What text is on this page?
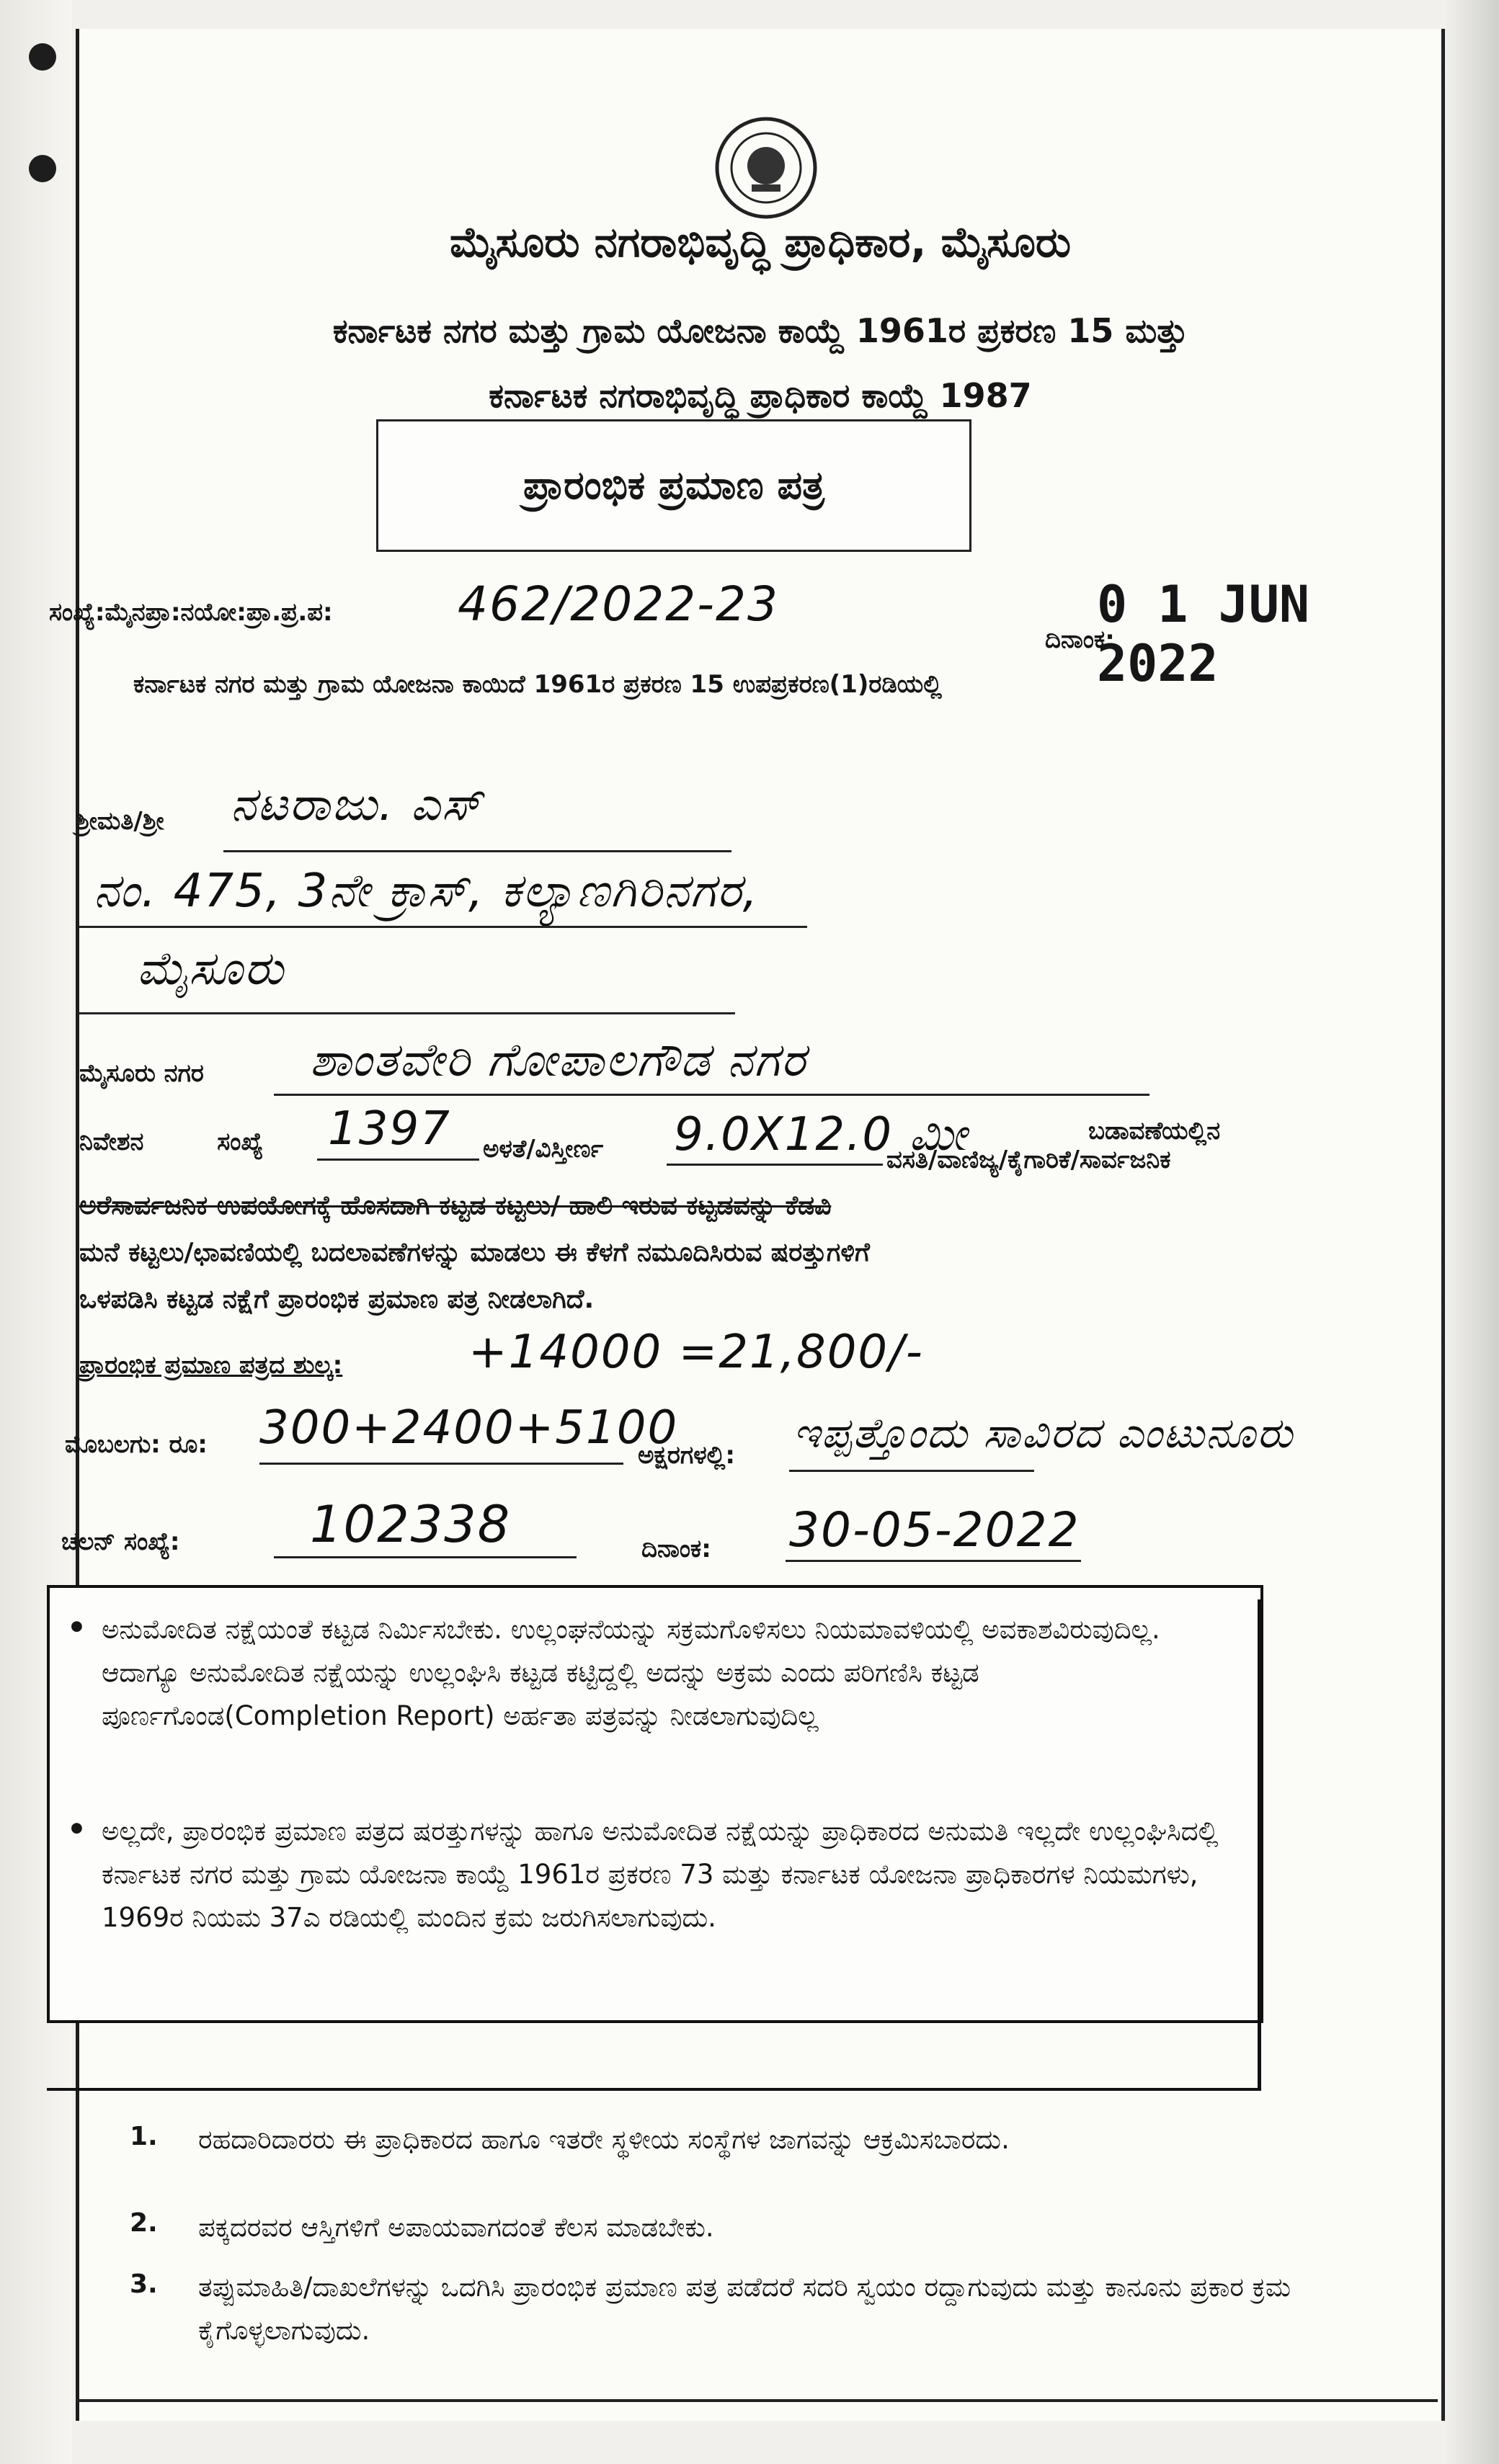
ಮೈಸೂರು ನಗರಾಭಿವೃದ್ಧಿ ಪ್ರಾಧಿಕಾರ, ಮೈಸೂರು
ಕರ್ನಾಟಕ ನಗರ ಮತ್ತು ಗ್ರಾಮ ಯೋಜನಾ ಕಾಯ್ದೆ 1961ರ ಪ್ರಕರಣ 15 ಮತ್ತು
ಕರ್ನಾಟಕ ನಗರಾಭಿವೃದ್ಧಿ ಪ್ರಾಧಿಕಾರ ಕಾಯ್ದೆ 1987
ಪ್ರಾರಂಭಿಕ ಪ್ರಮಾಣ ಪತ್ರ
ಸಂಖ್ಯೆ:ಮೈನಪ್ರಾ:ನಯೋ:ಪ್ರಾ.ಪ್ರ.ಪ:	462/2022-23	0 1 JUN 2022
ದಿನಾಂಕ:
ಕರ್ನಾಟಕ ನಗರ ಮತ್ತು ಗ್ರಾಮ ಯೋಜನಾ ಕಾಯಿದೆ 1961ರ ಪ್ರಕರಣ 15 ಉಪಪ್ರಕರಣ(1)ರಡಿಯಲ್ಲಿ
ಶ್ರೀಮತಿ/ಶ್ರೀ ನಟರಾಜು. ಎಸ್
ನಂ. 475, 3ನೇ ಕ್ರಾಸ್, ಕಲ್ಯಾಣಗಿರಿನಗರ,
ಮೈಸೂರು
ಮೈಸೂರು ನಗರ ಶಾಂತವೇರಿ ಗೋಪಾಲಗೌಡ ನಗರ
ಬಡಾವಣೆಯಲ್ಲಿನ
ನಿವೇಶನ ಸಂಖ್ಯೆ 1397 ಅಳತೆ/ವಿಸ್ತೀರ್ಣ 9.0X12.0 ಮೀ
ವಸತಿ/ವಾಣಿಜ್ಯ/ಕೈಗಾರಿಕೆ/ಸಾರ್ವಜನಿಕ
ಅರೆಸಾರ್ವಜನಿಕ ಉಪಯೋಗಕ್ಕೆ ಹೊಸದಾಗಿ ಕಟ್ಟಡ ಕಟ್ಟಲು/ ಹಾಲಿ ಇರುವ ಕಟ್ಟಡವನ್ನು ಕೆಡವಿ
ಮನೆ ಕಟ್ಟಲು/ಛಾವಣಿಯಲ್ಲಿ ಬದಲಾವಣೆಗಳನ್ನು ಮಾಡಲು ಈ ಕೆಳಗೆ ನಮೂದಿಸಿರುವ ಷರತ್ತುಗಳಿಗೆ
ಒಳಪಡಿಸಿ ಕಟ್ಟಡ ನಕ್ಷೆಗೆ ಪ್ರಾರಂಭಿಕ ಪ್ರಮಾಣ ಪತ್ರ ನೀಡಲಾಗಿದೆ.
ಪ್ರಾರಂಭಿಕ ಪ್ರಮಾಣ ಪತ್ರದ ಶುಲ್ಕ:	+14000 =21,800/-
ಮೊಬಲಗು: ರೂ: 300+2400+5100
ಅಕ್ಷರಗಳಲ್ಲಿ: ಇಪ್ಪತ್ತೊಂದು ಸಾವಿರದ ಎಂಟುನೂರು
ಚಲನ್ ಸಂಖ್ಯೆ:	102338	ದಿನಾಂಕ: 30-05-2022
• ಅನುಮೋದಿತ ನಕ್ಷೆಯಂತೆ ಕಟ್ಟಡ ನಿರ್ಮಿಸಬೇಕು. ಉಲ್ಲಂಘನೆಯನ್ನು ಸಕ್ರಮಗೊಳಿಸಲು ನಿಯಮಾವಳಿಯಲ್ಲಿ ಅವಕಾಶವಿರುವುದಿಲ್ಲ. ಆದಾಗ್ಯೂ ಅನುಮೋದಿತ ನಕ್ಷೆಯನ್ನು ಉಲ್ಲಂಘಿಸಿ ಕಟ್ಟಡ ಕಟ್ಟಿದ್ದಲ್ಲಿ ಅದನ್ನು ಅಕ್ರಮ ಎಂದು ಪರಿಗಣಿಸಿ ಕಟ್ಟಡ ಪೂರ್ಣಗೊಂಡ(Completion Report) ಅರ್ಹತಾ ಪತ್ರವನ್ನು ನೀಡಲಾಗುವುದಿಲ್ಲ
• ಅಲ್ಲದೇ, ಪ್ರಾರಂಭಿಕ ಪ್ರಮಾಣ ಪತ್ರದ ಷರತ್ತುಗಳನ್ನು ಹಾಗೂ ಅನುಮೋದಿತ ನಕ್ಷೆಯನ್ನು ಪ್ರಾಧಿಕಾರದ ಅನುಮತಿ ಇಲ್ಲದೇ ಉಲ್ಲಂಘಿಸಿದಲ್ಲಿ ಕರ್ನಾಟಕ ನಗರ ಮತ್ತು ಗ್ರಾಮ ಯೋಜನಾ ಕಾಯ್ದೆ 1961ರ ಪ್ರಕರಣ 73 ಮತ್ತು ಕರ್ನಾಟಕ ಯೋಜನಾ ಪ್ರಾಧಿಕಾರಗಳ ನಿಯಮಗಳು, 1969ರ ನಿಯಮ 37ಎ ರಡಿಯಲ್ಲಿ ಮಂದಿನ ಕ್ರಮ ಜರುಗಿಸಲಾಗುವುದು.
1. ರಹದಾರಿದಾರರು ಈ ಪ್ರಾಧಿಕಾರದ ಹಾಗೂ ಇತರೇ ಸ್ಥಳೀಯ ಸಂಸ್ಥೆಗಳ ಜಾಗವನ್ನು ಆಕ್ರಮಿಸಬಾರದು.
2. ಪಕ್ಕದರವರ ಆಸ್ತಿಗಳಿಗೆ ಅಪಾಯವಾಗದಂತೆ ಕೆಲಸ ಮಾಡಬೇಕು.
3. ತಪ್ಪುಮಾಹಿತಿ/ದಾಖಲೆಗಳನ್ನು ಒದಗಿಸಿ ಪ್ರಾರಂಭಿಕ ಪ್ರಮಾಣ ಪತ್ರ ಪಡೆದರೆ ಸದರಿ ಸ್ವಯಂ ರದ್ದಾಗುವುದು ಮತ್ತು ಕಾನೂನು ಪ್ರಕಾರ ಕ್ರಮ ಕೈಗೊಳ್ಳಲಾಗುವುದು.
